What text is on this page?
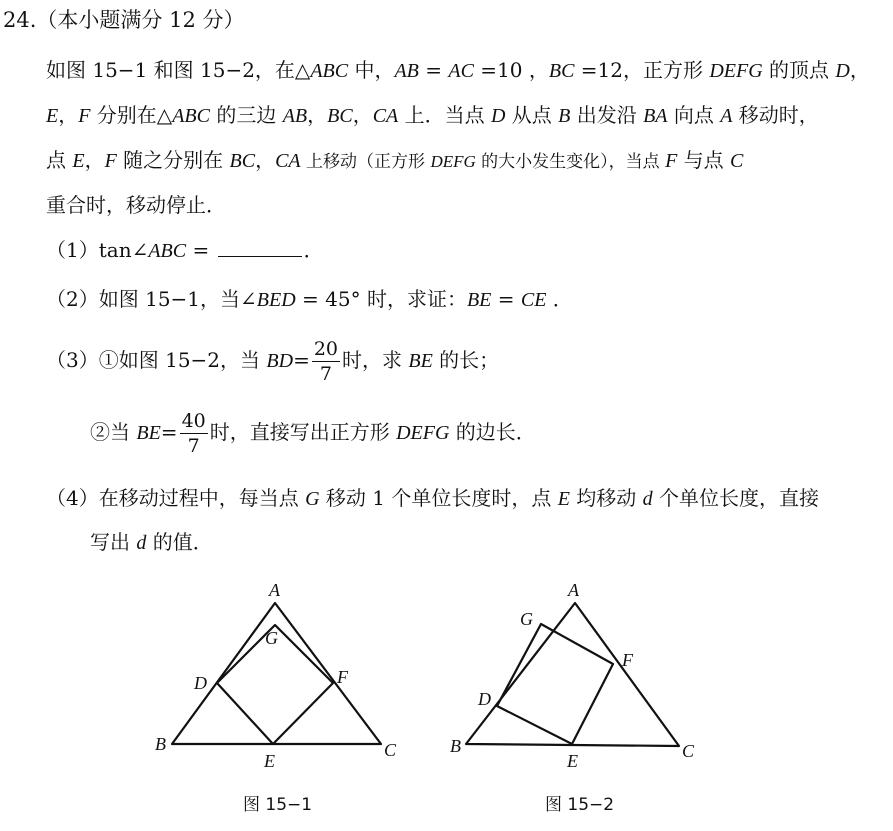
24.（本小题满分 12 分）
如图 15−1 和图 15−2，在△ABC 中，AB = AC =10 ，BC =12，正方形 DEFG 的顶点 D，
E，F 分别在△ABC 的三边 AB，BC，CA 上．当点 D 从点 B 出发沿 BA 向点 A 移动时，
点 E，F 随之分别在 BC，CA 上移动（正方形 DEFG 的大小发生变化），当点 F 与点 C
重合时，移动停止．
（1）tan∠ABC =	．
（2）如图 15−1，当∠BED = 45° 时，求证：BE = CE ．
（3）①如图 15−2，当 $BD= \frac{20}{7}$ 时，求 BE 的长；
②当 $BE= \frac{40}{7}$ 时，直接写出正方形 DEFG 的边长．
（4）在移动过程中，每当点 G 移动 1 个单位长度时，点 E 均移动 d 个单位长度，直接
写出 d 的值．
A
G
D	F
B
E
C
A
G
D
F
B
E	C
图 15−1	图 15−2
